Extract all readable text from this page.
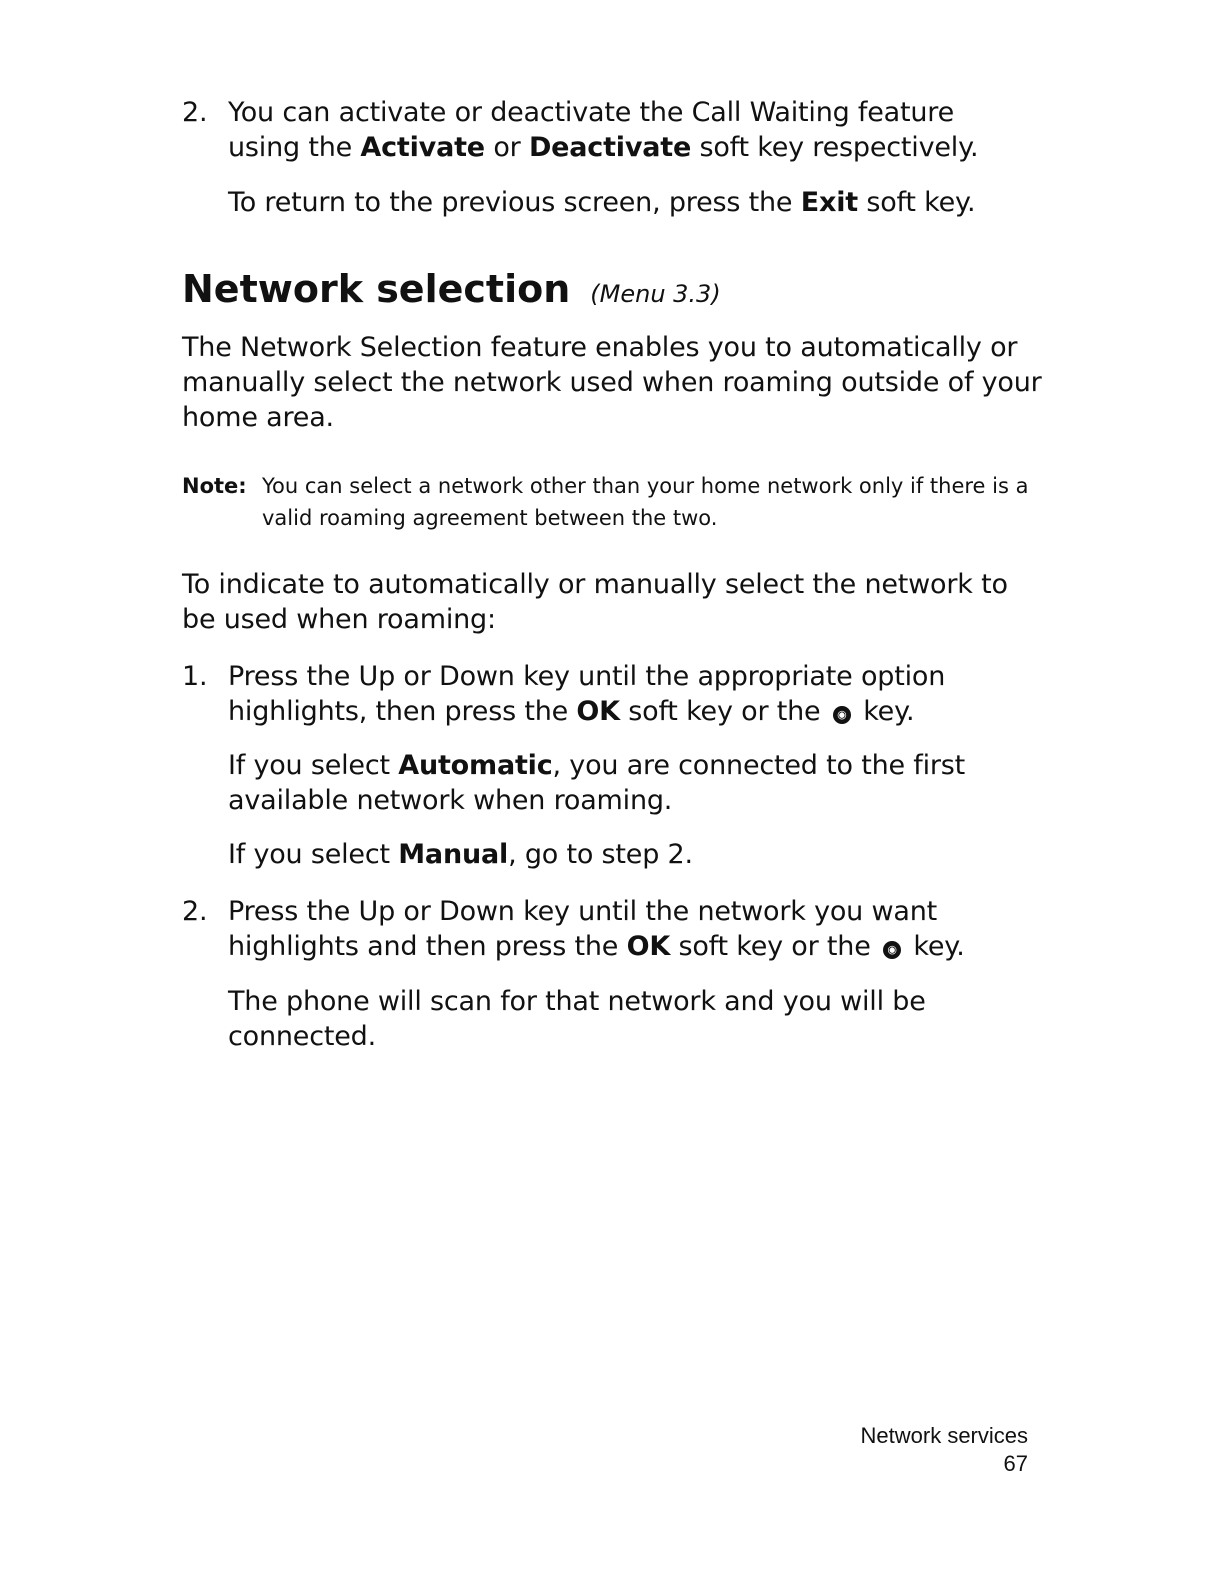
2. You can activate or deactivate the Call Waiting feature using the Activate or Deactivate soft key respectively.
To return to the previous screen, press the Exit soft key.
Network selection (Menu 3.3)
The Network Selection feature enables you to automatically or manually select the network used when roaming outside of your home area.
Note: You can select a network other than your home network only if there is a valid roaming agreement between the two.
To indicate to automatically or manually select the network to be used when roaming:
1. Press the Up or Down key until the appropriate option highlights, then press the OK soft key or the ◉ key.
If you select Automatic, you are connected to the first available network when roaming.
If you select Manual, go to step 2.
2. Press the Up or Down key until the network you want highlights and then press the OK soft key or the ◉ key.
The phone will scan for that network and you will be connected.
Network services
67
